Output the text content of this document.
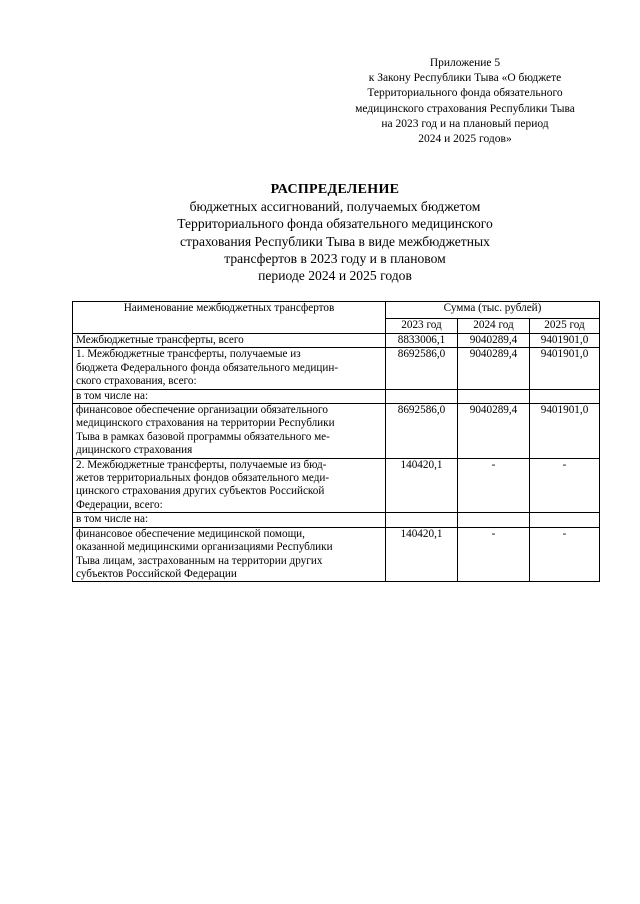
Приложение 5
к Закону Республики Тыва «О бюджете
Территориального фонда обязательного
медицинского страхования Республики Тыва
на 2023 год и на плановый период
2024 и 2025 годов»
РАСПРЕДЕЛЕНИЕ
бюджетных ассигнований, получаемых бюджетом
Территориального фонда обязательного медицинского
страхования Республики Тыва в виде межбюджетных
трансфертов в 2023 году и в плановом
периоде 2024 и 2025 годов
Наименование межбюджетных трансфертов	Сумма (тыс. рублей)		
	2023 год	2024 год	2025 год

Межбюджетные трансферты, всего	8833006,1	9040289,4	9401901,0

1. Межбюджетные трансферты, получаемые из
бюджета Федерального фонда обязательного медицин-
ского страхования, всего:	8692586,0	9040289,4	9401901,0

в том числе на:			

финансовое обеспечение организации обязательного
медицинского страхования на территории Республики
Тыва в рамках базовой программы обязательного ме-
дицинского страхования	8692586,0	9040289,4	9401901,0

2. Межбюджетные трансферты, получаемые из бюд-
жетов территориальных фондов обязательного меди-
цинского страхования других субъектов Российской
Федерации, всего:	140420,1	-	-

в том числе на:			

финансовое обеспечение медицинской помощи,
оказанной медицинскими организациями Республики
Тыва лицам, застрахованным на территории других
субъектов Российской Федерации	140420,1	-	-
